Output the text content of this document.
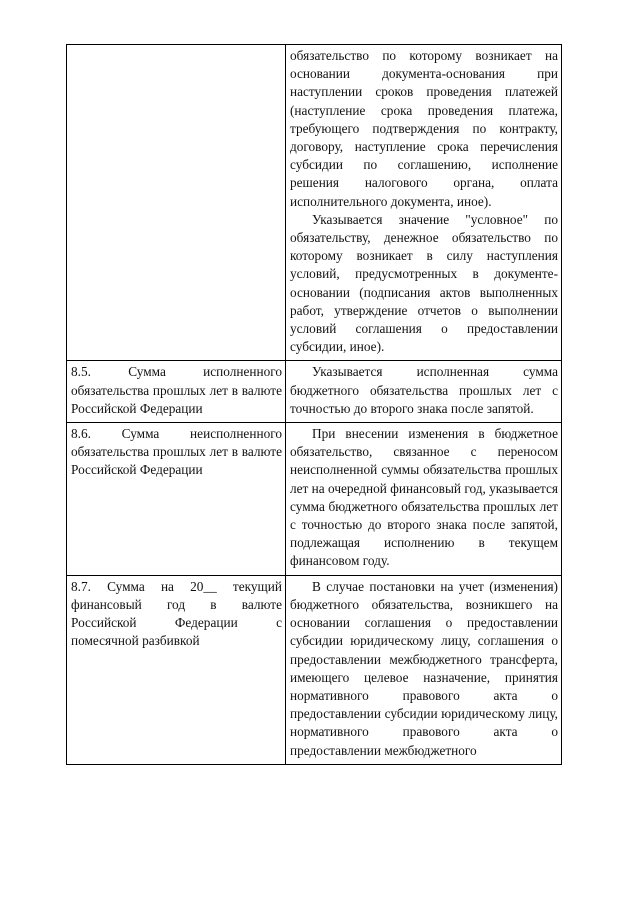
	обязательство по которому возникает на основании документа-основания при наступлении сроков проведения платежей (наступление срока проведения платежа, требующего подтверждения по контракту, договору, наступление срока перечисления субсидии по соглашению, исполнение решения налогового органа, оплата исполнительного документа, иное).
Указывается значение "условное" по обязательству, денежное обязательство по которому возникает в силу наступления условий, предусмотренных в документе-основании (подписания актов выполненных работ, утверждение отчетов о выполнении условий соглашения о предоставлении субсидии, иное).

8.5. Сумма исполненного обязательства прошлых лет в валюте Российской Федерации	Указывается исполненная сумма бюджетного обязательства прошлых лет с точностью до второго знака после запятой.

8.6. Сумма неисполненного обязательства прошлых лет в валюте Российской Федерации	При внесении изменения в бюджетное обязательство, связанное с переносом неисполненной суммы обязательства прошлых лет на очередной финансовый год, указывается сумма бюджетного обязательства прошлых лет с точностью до второго знака после запятой, подлежащая исполнению в текущем финансовом году.

8.7. Сумма на 20__ текущий финансовый год в валюте Российской Федерации с помесячной разбивкой	В случае постановки на учет (изменения) бюджетного обязательства, возникшего на основании соглашения о предоставлении субсидии юридическому лицу, соглашения о предоставлении межбюджетного трансферта, имеющего целевое назначение, принятия нормативного правового акта о предоставлении субсидии юридическому лицу, нормативного правового акта о предоставлении межбюджетного
